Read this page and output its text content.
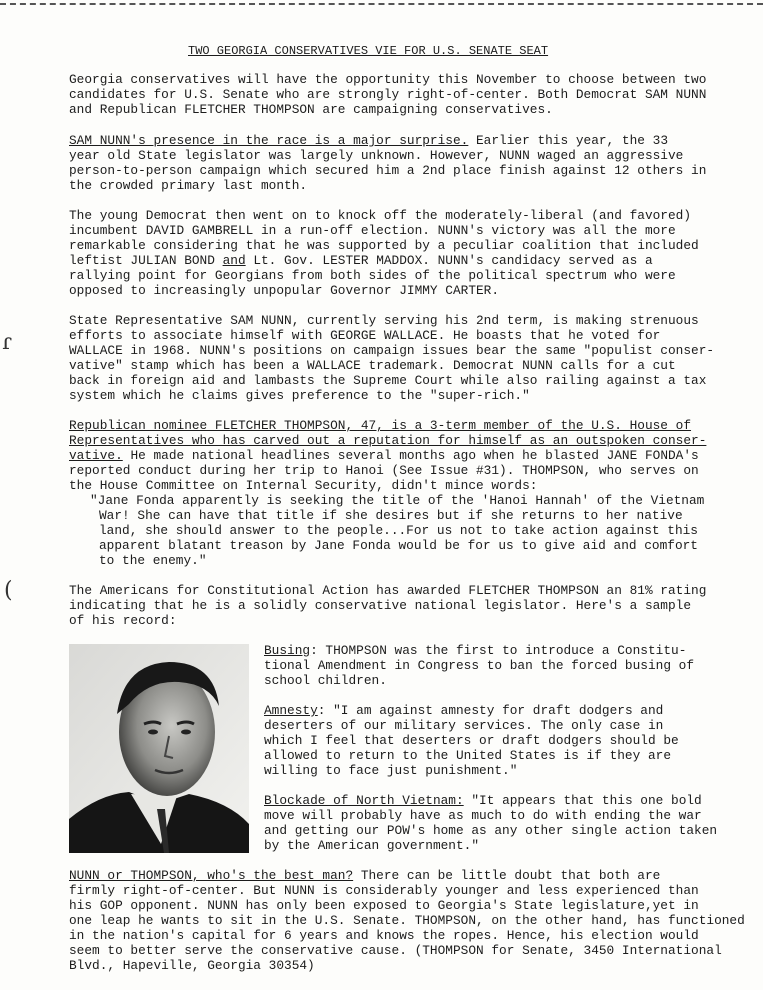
TWO GEORGIA CONSERVATIVES VIE FOR U.S. SENATE SEAT
Georgia conservatives will have the opportunity this November to choose between two
candidates for U.S. Senate who are strongly right-of-center. Both Democrat SAM NUNN
and Republican FLETCHER THOMPSON are campaigning conservatives.
SAM NUNN's presence in the race is a major surprise. Earlier this year, the 33
year old State legislator was largely unknown. However, NUNN waged an aggressive
person-to-person campaign which secured him a 2nd place finish against 12 others in
the crowded primary last month.
The young Democrat then went on to knock off the moderately-liberal (and favored)
incumbent DAVID GAMBRELL in a run-off election. NUNN's victory was all the more
remarkable considering that he was supported by a peculiar coalition that included
leftist JULIAN BOND and Lt. Gov. LESTER MADDOX. NUNN's candidacy served as a
rallying point for Georgians from both sides of the political spectrum who were
opposed to increasingly unpopular Governor JIMMY CARTER.
State Representative SAM NUNN, currently serving his 2nd term, is making strenuous
efforts to associate himself with GEORGE WALLACE. He boasts that he voted for
WALLACE in 1968. NUNN's positions on campaign issues bear the same "populist conser-
vative" stamp which has been a WALLACE trademark. Democrat NUNN calls for a cut
back in foreign aid and lambasts the Supreme Court while also railing against a tax
system which he claims gives preference to the "super-rich."
Republican nominee FLETCHER THOMPSON, 47, is a 3-term member of the U.S. House of
Representatives who has carved out a reputation for himself as an outspoken conser-
vative. He made national headlines several months ago when he blasted JANE FONDA's
reported conduct during her trip to Hanoi (See Issue #31). THOMPSON, who serves on
the House Committee on Internal Security, didn't mince words:
"Jane Fonda apparently is seeking the title of the 'Hanoi Hannah' of the Vietnam
War! She can have that title if she desires but if she returns to her native
land, she should answer to the people...For us not to take action against this
apparent blatant treason by Jane Fonda would be for us to give aid and comfort
to the enemy."
The Americans for Constitutional Action has awarded FLETCHER THOMPSON an 81% rating
indicating that he is a solidly conservative national legislator. Here's a sample
of his record:
Busing: THOMPSON was the first to introduce a Constitu-
tional Amendment in Congress to ban the forced busing of
school children.
Amnesty: "I am against amnesty for draft dodgers and
deserters of our military services. The only case in
which I feel that deserters or draft dodgers should be
allowed to return to the United States is if they are
willing to face just punishment."
Blockade of North Vietnam: "It appears that this one bold
move will probably have as much to do with ending the war
and getting our POW's home as any other single action taken
by the American government."
NUNN or THOMPSON, who's the best man? There can be little doubt that both are
firmly right-of-center. But NUNN is considerably younger and less experienced than
his GOP opponent. NUNN has only been exposed to Georgia's State legislature,yet in
one leap he wants to sit in the U.S. Senate. THOMPSON, on the other hand, has functioned
in the nation's capital for 6 years and knows the ropes. Hence, his election would
seem to better serve the conservative cause. (THOMPSON for Senate, 3450 International
Blvd., Hapeville, Georgia 30354)
ɾ
(
